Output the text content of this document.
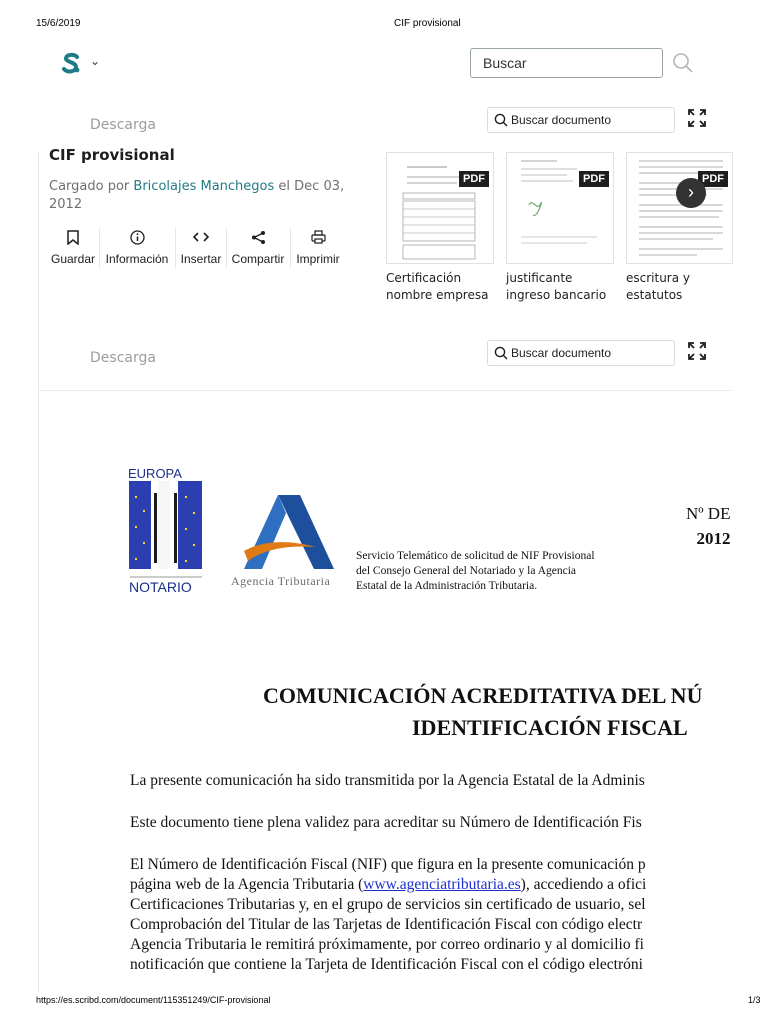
15/6/2019	CIF provisional
⌄	Buscar
Descarga	Buscar documento
CIF provisional
Cargado por Bricolajes Manchegos el Dec 03, 2012
Guardar Información	Insertar Compartir Imprimir
PDF
Certificación
nombre empresa
PDF
justificante
ingreso bancario
PDF
escritura y
estatutos
›
Descarga	Buscar documento
EUROPA
NOTARIO	Agencia Tributaria
Servicio Telemático de solicitud de NIF Provisional
del Consejo General del Notariado y la Agencia
Estatal de la Administración Tributaria.
Nº DE
2012
COMUNICACIÓN ACREDITATIVA DEL NÚ
IDENTIFICACIÓN FISCAL
La presente comunicación ha sido transmitida por la Agencia Estatal de la Adminis
Este documento tiene plena validez para acreditar su Número de Identificación Fis
El Número de Identificación Fiscal (NIF) que figura en la presente comunicación p
página web de la Agencia Tributaria (www.agenciatributaria.es), accediendo a ofici
Certificaciones Tributarias y, en el grupo de servicios sin certificado de usuario, sel
Comprobación del Titular de las Tarjetas de Identificación Fiscal con código electr
Agencia Tributaria le remitirá próximamente, por correo ordinario y al domicilio fi
notificación que contiene la Tarjeta de Identificación Fiscal con el código electróni
https://es.scribd.com/document/115351249/CIF-provisional	1/3
